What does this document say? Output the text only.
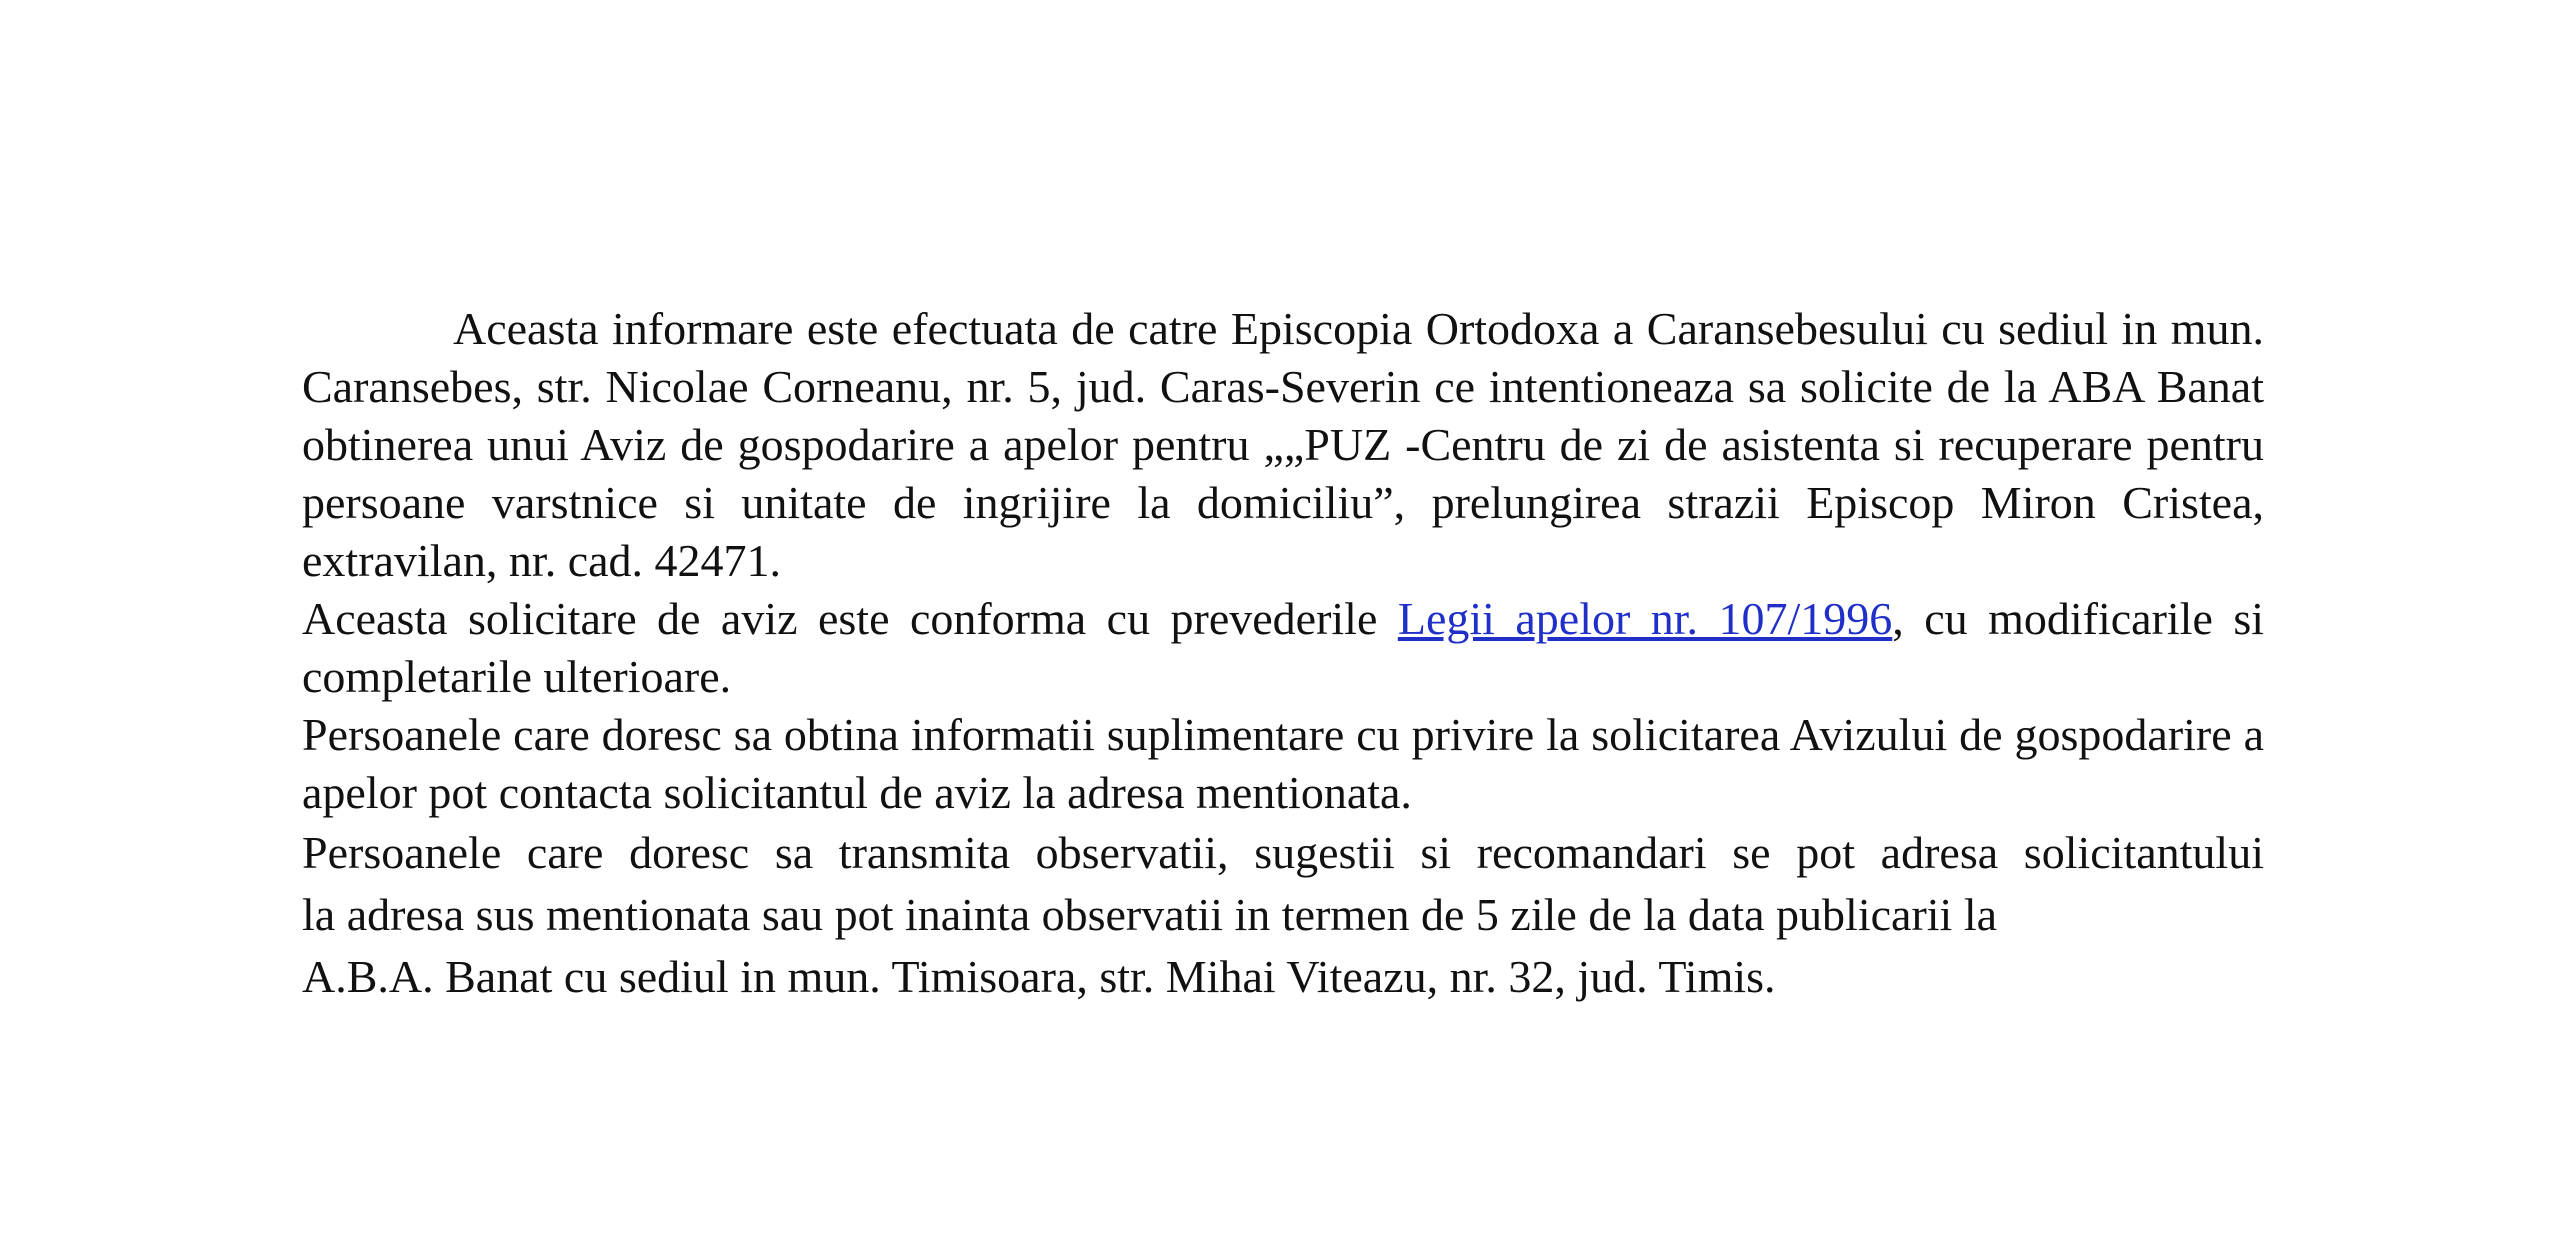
Aceasta informare este efectuata de catre Episcopia Ortodoxa a Caransebesului cu sediul in mun. Caransebes, str. Nicolae Corneanu, nr. 5, jud. Caras-Severin ce intentioneaza sa solicite de la ABA Banat obtinerea unui Aviz de gospodarire a apelor pentru „„PUZ -Centru de zi de asistenta si recuperare pentru persoane varstnice si unitate de ingrijire la domiciliu”, prelungirea strazii Episcop Miron Cristea, extravilan, nr. cad. 42471.

Aceasta solicitare de aviz este conforma cu prevederile Legii apelor nr. 107/1996, cu modificarile si completarile ulterioare.

Persoanele care doresc sa obtina informatii suplimentare cu privire la solicitarea Avizului de gospodarire a apelor pot contacta solicitantul de aviz la adresa mentionata.

Persoanele care doresc sa transmita observatii, sugestii si recomandari se pot adresa solicitantului
la adresa sus mentionata sau pot inainta observatii in termen de 5 zile de la data publicarii la
A.B.A. Banat cu sediul in mun. Timisoara, str. Mihai Viteazu, nr. 32, jud. Timis.
